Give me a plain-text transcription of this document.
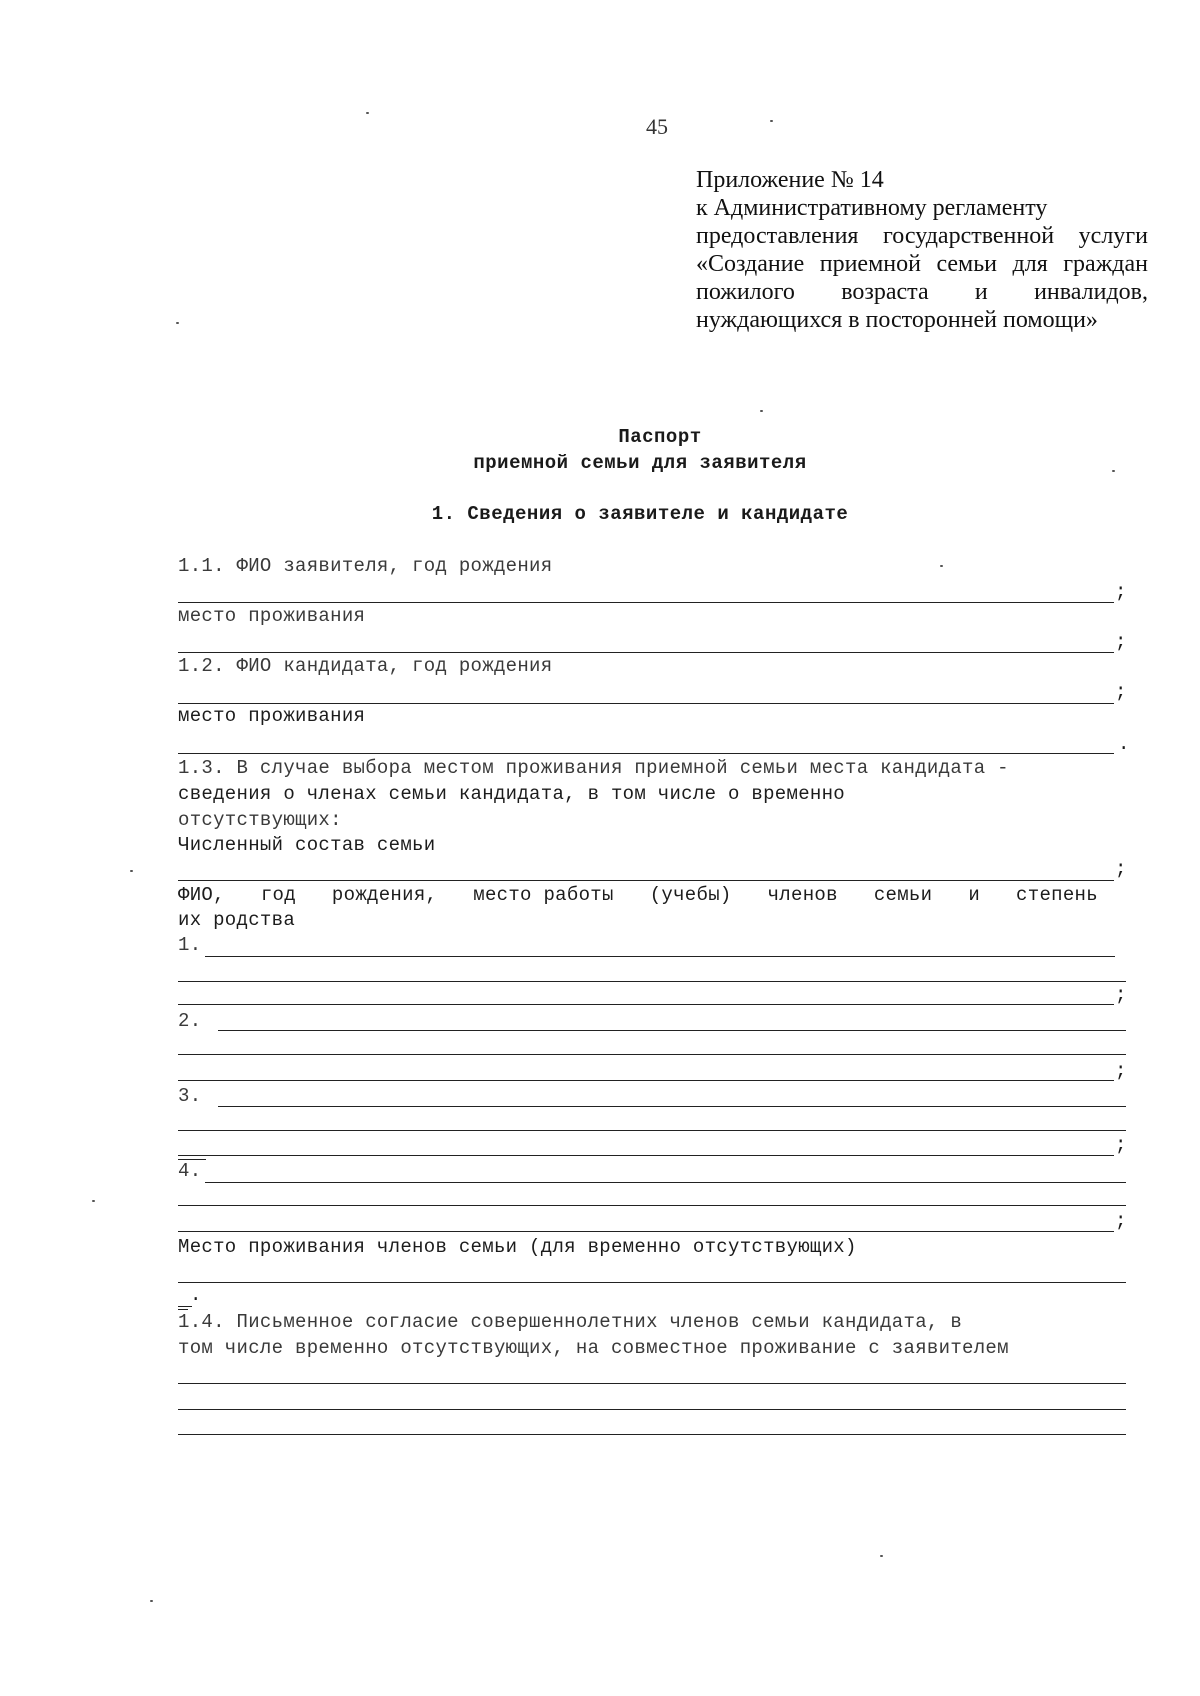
45
Приложение № 14
к Административному регламенту
предоставления государственной услуги
«Создание приемной семьи для граждан
пожилого возраста и инвалидов,
нуждающихся в посторонней помощи»
Паспорт
приемной семьи для заявителя
1. Сведения о заявителе и кандидате
1.1. ФИО заявителя, год рождения
;
место проживания
;
1.2. ФИО кандидата, год рождения
;
место проживания
.
1.3. В случае выбора местом проживания приемной семьи места кандидата -
сведения о членах семьи кандидата, в том числе о временно
отсутствующих:
Численный состав семьи
;
ФИО, год рождения, место работы (учебы) членов семьи и степень
их родства
1.
;
2.
;
3.
;
4.
;
Место проживания членов семьи (для временно отсутствующих)
.
1.4. Письменное согласие совершеннолетних членов семьи кандидата, в
том числе временно отсутствующих, на совместное проживание с заявителем
